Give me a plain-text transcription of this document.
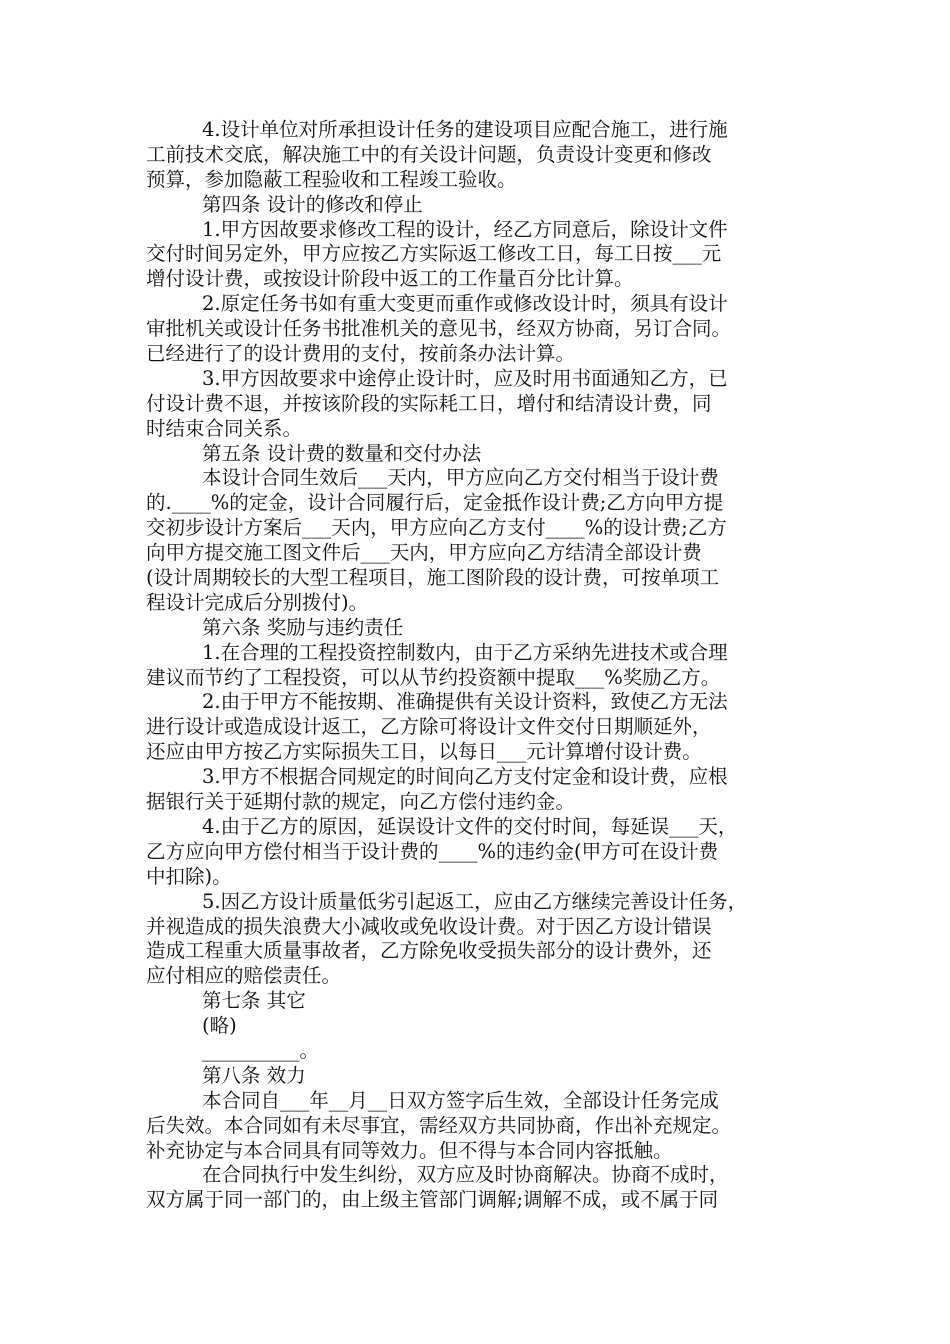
4.设计单位对所承担设计任务的建设项目应配合施工，进行施
工前技术交底，解决施工中的有关设计问题，负责设计变更和修改
预算，参加隐蔽工程验收和工程竣工验收。
第四条 设计的修改和停止
1.甲方因故要求修改工程的设计，经乙方同意后，除设计文件
交付时间另定外，甲方应按乙方实际返工修改工日，每工日按___元
增付设计费，或按设计阶段中返工的工作量百分比计算。
2.原定任务书如有重大变更而重作或修改设计时，须具有设计
审批机关或设计任务书批准机关的意见书，经双方协商，另订合同。
已经进行了的设计费用的支付，按前条办法计算。
3.甲方因故要求中途停止设计时，应及时用书面通知乙方，已
付设计费不退，并按该阶段的实际耗工日，增付和结清设计费，同
时结束合同关系。
第五条 设计费的数量和交付办法
本设计合同生效后___天内，甲方应向乙方交付相当于设计费
的.____%的定金，设计合同履行后，定金抵作设计费;乙方向甲方提
交初步设计方案后___天内，甲方应向乙方支付____%的设计费;乙方
向甲方提交施工图文件后___天内，甲方应向乙方结清全部设计费
(设计周期较长的大型工程项目，施工图阶段的设计费，可按单项工
程设计完成后分别拨付)。
第六条 奖励与违约责任
1.在合理的工程投资控制数内，由于乙方采纳先进技术或合理
建议而节约了工程投资，可以从节约投资额中提取___%奖励乙方。
2.由于甲方不能按期、准确提供有关设计资料，致使乙方无法
进行设计或造成设计返工，乙方除可将设计文件交付日期顺延外，
还应由甲方按乙方实际损失工日，以每日___元计算增付设计费。
3.甲方不根据合同规定的时间向乙方支付定金和设计费，应根
据银行关于延期付款的规定，向乙方偿付违约金。
4.由于乙方的原因，延误设计文件的交付时间，每延误___天，
乙方应向甲方偿付相当于设计费的____%的违约金(甲方可在设计费
中扣除)。
5.因乙方设计质量低劣引起返工，应由乙方继续完善设计任务，
并视造成的损失浪费大小减收或免收设计费。对于因乙方设计错误
造成工程重大质量事故者，乙方除免收受损失部分的设计费外，还
应付相应的赔偿责任。
第七条 其它
(略)
__________。
第八条 效力
本合同自___年__月__日双方签字后生效，全部设计任务完成
后失效。本合同如有未尽事宜，需经双方共同协商，作出补充规定。
补充协定与本合同具有同等效力。但不得与本合同内容抵触。
在合同执行中发生纠纷，双方应及时协商解决。协商不成时，
双方属于同一部门的，由上级主管部门调解;调解不成，或不属于同
